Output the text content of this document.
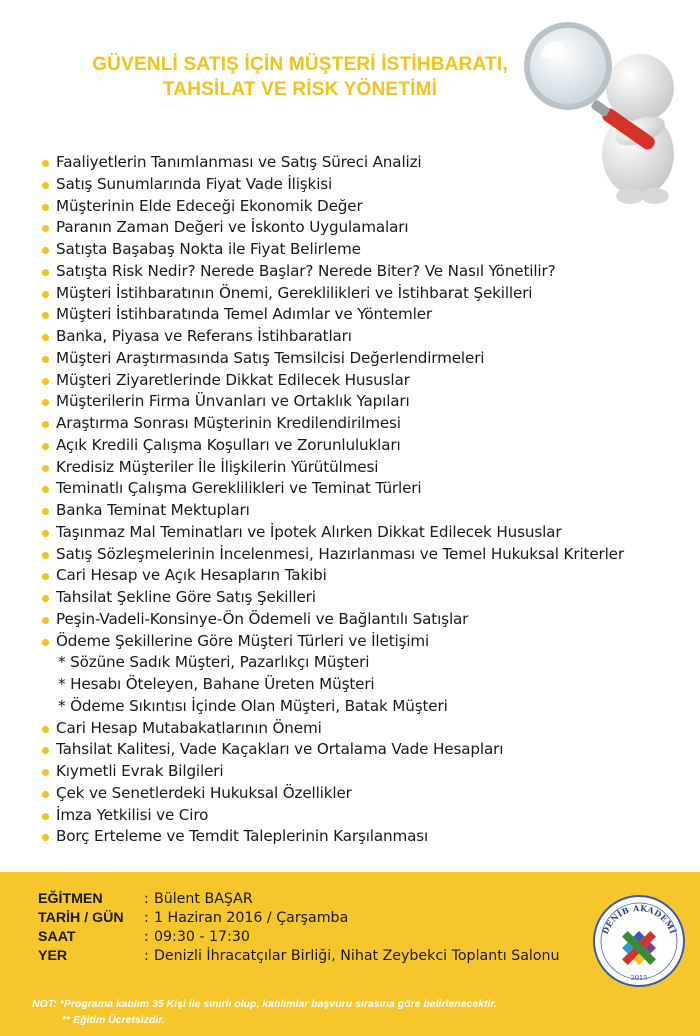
GÜVENLİ SATIŞ İÇİN MÜŞTERİ İSTİHBARATI,
TAHSİLAT VE RİSK YÖNETİMİ
Faaliyetlerin Tanımlanması ve Satış Süreci Analizi
Satış Sunumlarında Fiyat Vade İlişkisi
Müşterinin Elde Edeceği Ekonomik Değer
Paranın Zaman Değeri ve İskonto Uygulamaları
Satışta Başabaş Nokta ile Fiyat Belirleme
Satışta Risk Nedir? Nerede Başlar? Nerede Biter? Ve Nasıl Yönetilir?
Müşteri İstihbaratının Önemi, Gereklilikleri ve İstihbarat Şekilleri
Müşteri İstihbaratında Temel Adımlar ve Yöntemler
Banka, Piyasa ve Referans İstihbaratları
Müşteri Araştırmasında Satış Temsilcisi Değerlendirmeleri
Müşteri Ziyaretlerinde Dikkat Edilecek Hususlar
Müşterilerin Firma Ünvanları ve Ortaklık Yapıları
Araştırma Sonrası Müşterinin Kredilendirilmesi
Açık Kredili Çalışma Koşulları ve Zorunlulukları
Kredisiz Müşteriler İle İlişkilerin Yürütülmesi
Teminatlı Çalışma Gereklilikleri ve Teminat Türleri
Banka Teminat Mektupları
Taşınmaz Mal Teminatları ve İpotek Alırken Dikkat Edilecek Hususlar
Satış Sözleşmelerinin İncelenmesi, Hazırlanması ve Temel Hukuksal Kriterler
Cari Hesap ve Açık Hesapların Takibi
Tahsilat Şekline Göre Satış Şekilleri
Peşin-Vadeli-Konsinye-Ön Ödemeli ve Bağlantılı Satışlar
Ödeme Şekillerine Göre Müşteri Türleri ve İletişimi
* Sözüne Sadık Müşteri, Pazarlıkçı Müşteri
* Hesabı Öteleyen, Bahane Üreten Müşteri
* Ödeme Sıkıntısı İçinde Olan Müşteri, Batak Müşteri
Cari Hesap Mutabakatlarının Önemi
Tahsilat Kalitesi, Vade Kaçakları ve Ortalama Vade Hesapları
Kıymetli Evrak Bilgileri
Çek ve Senetlerdeki Hukuksal Özellikler
İmza Yetkilisi ve Ciro
Borç Erteleme ve Temdit Taleplerinin Karşılanması
EĞİTMEN	: Bülent BAŞAR
TARİH / GÜN : 1 Haziran 2016 / Çarşamba
SAAT	: 09:30 - 17:30
YER	: Denizli İhracatçılar Birliği, Nihat Zeybekci Toplantı Salonu
DENİB AKADEMİ
2015
NOT: *Programa katılım 35 Kişi ile sınırlı olup, katılımlar başvuru sırasına göre belirlenecektir.
** Eğitim Ücretsizdir.
